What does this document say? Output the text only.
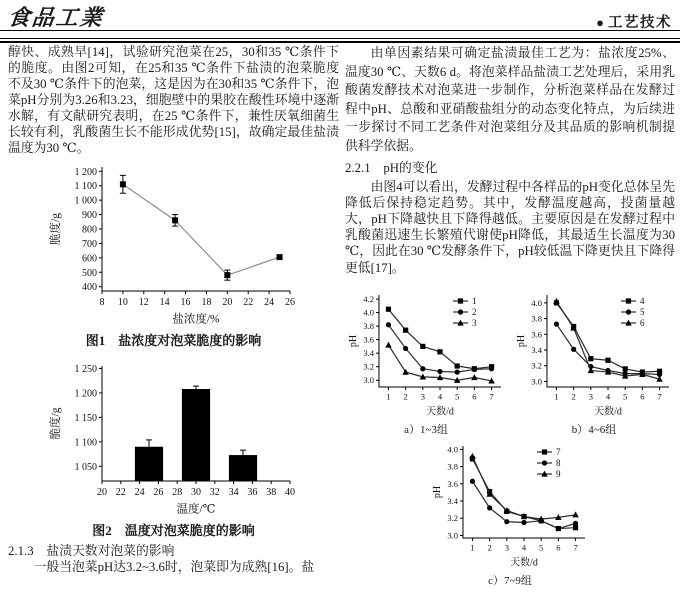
食品工業	● 工艺技术

醇快、成熟早[14]，试验研究泡菜在25，30和35 ℃条件下的脆度。由图2可知，在25和35 ℃条件下盐渍的泡菜脆度不及30 ℃条件下的泡菜，这是因为在30和35 ℃条件下，泡菜pH分别为3.26和3.23，细胞壁中的果胶在酸性环境中逐渐水解，有文献研究表明，在25 ℃条件下，兼性厌氧细菌生长较有利，乳酸菌生长不能形成优势[15]，故确定最佳盐渍温度为30 ℃。

8 10 12 14 16 18 20 22 24 26
400
500
600
700
800
900
1 000
1 100
1 200
盐浓度/%
脆度/g
图1　盐浓度对泡菜脆度的影响
20 22 24 26 28 30 32 34 36 38 40
1 050
1 100
1 150
1 200
1 250
温度/℃
脆度/g
图2　温度对泡菜脆度的影响
2.1.3　盐渍天数对泡菜的影响

一般当泡菜pH达3.2~3.6时，泡菜即为成熟[16]。盐

由单因素结果可确定盐渍最佳工艺为：盐浓度25%、温度30 ℃、天数6 d。将泡菜样品盐渍工艺处理后，采用乳酸菌发酵技术对泡菜进一步制作，分析泡菜样品在发酵过程中pH、总酸和亚硝酸盐组分的动态变化特点，为后续进一步探讨不同工艺条件对泡菜组分及其品质的影响机制提供科学依据。

2.2.1　pH的变化

由图4可以看出，发酵过程中各样品的pH变化总体呈先降低后保持稳定趋势。其中，发酵温度越高，投菌量越大，pH下降越快且下降得越低。主要原因是在发酵过程中乳酸菌迅速生长繁殖代谢使pH降低，其最适生长温度为30 ℃，因此在30 ℃发酵条件下，pH较低温下降更快且下降得更低[17]。

1 2 3 4 5 6 7
3.0
3.2
3.4
3.6
3.8
4.0
4.2
天数/d
pH
1
2
3
a）1~3组
1 2 3 4 5 6 7
3.0
3.2
3.4
3.6
3.8
4.0
天数/d
pH
4
5
6
b）4~6组
1 2 3 4 5 6 7
3.0
3.2
3.4
3.6
3.8
4.0
天数/d
pH
7
8
9
c）7~9组
